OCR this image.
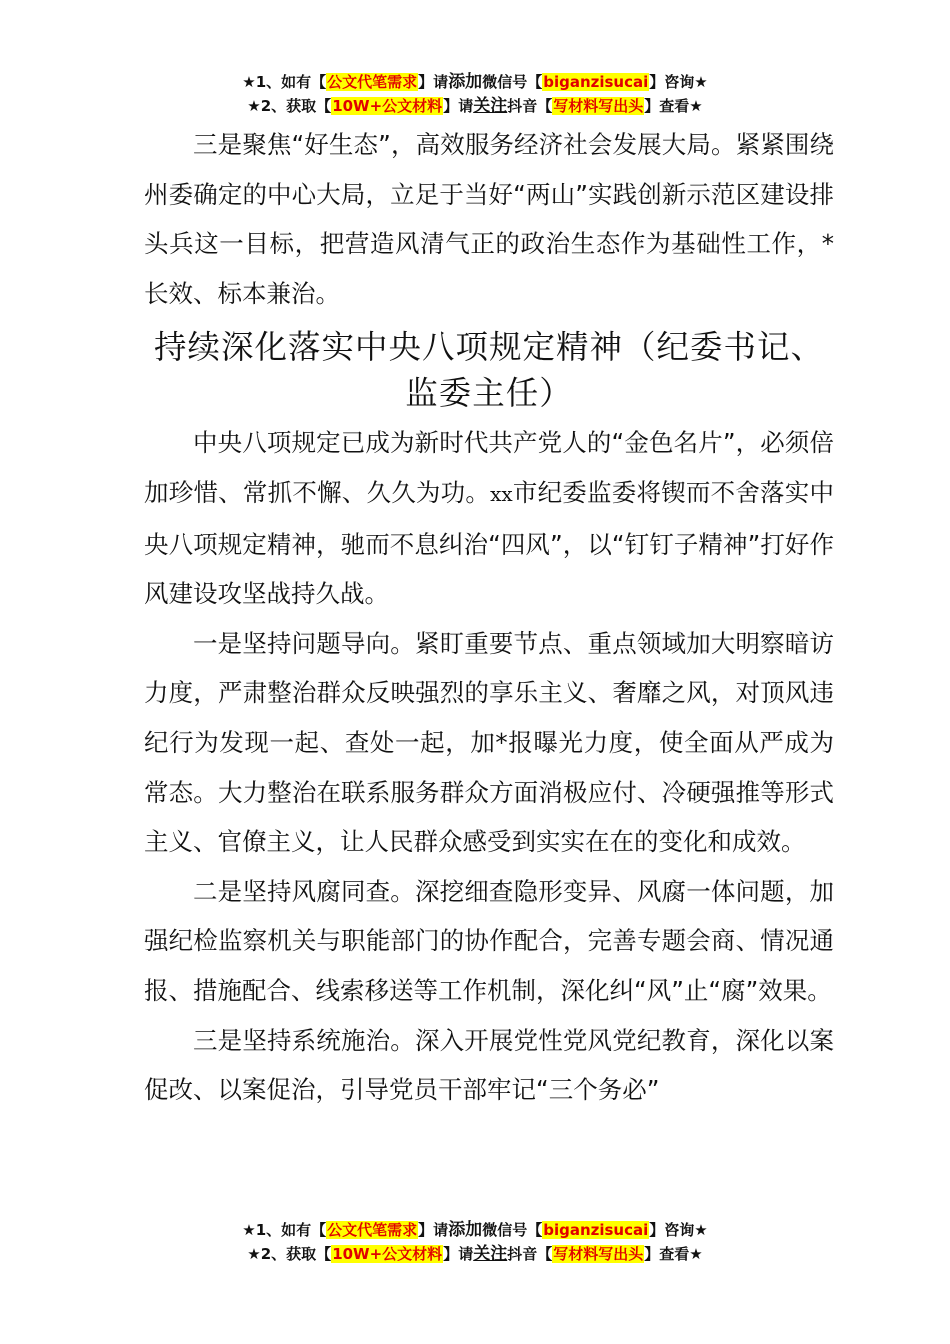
★1、如有【公文代笔需求】请添加微信号【biganzisucai】咨询★
★2、获取【10W+公文材料】请关注抖音【写材料写出头】查看★

三是聚焦“好生态”，高效服务经济社会发展大局。紧紧围绕州委确定的中心大局，立足于当好“两山”实践创新示范区建设排头兵这一目标，把营造风清气正的政治生态作为基础性工作，*长效、标本兼治。

持续深化落实中央八项规定精神（纪委书记、监委主任）

中央八项规定已成为新时代共产党人的“金色名片”，必须倍加珍惜、常抓不懈、久久为功。xx市纪委监委将锲而不舍落实中央八项规定精神，驰而不息纠治“四风”，以“钉钉子精神”打好作风建设攻坚战持久战。

一是坚持问题导向。紧盯重要节点、重点领域加大明察暗访力度，严肃整治群众反映强烈的享乐主义、奢靡之风，对顶风违纪行为发现一起、查处一起，加*报曝光力度，使全面从严成为常态。大力整治在联系服务群众方面消极应付、冷硬强推等形式主义、官僚主义，让人民群众感受到实实在在的变化和成效。

二是坚持风腐同查。深挖细查隐形变异、风腐一体问题，加强纪检监察机关与职能部门的协作配合，完善专题会商、情况通报、措施配合、线索移送等工作机制，深化纠“风”止“腐”效果。

三是坚持系统施治。深入开展党性党风党纪教育，深化以案促改、以案促治，引导党员干部牢记“三个务必”

★1、如有【公文代笔需求】请添加微信号【biganzisucai】咨询★
★2、获取【10W+公文材料】请关注抖音【写材料写出头】查看★
